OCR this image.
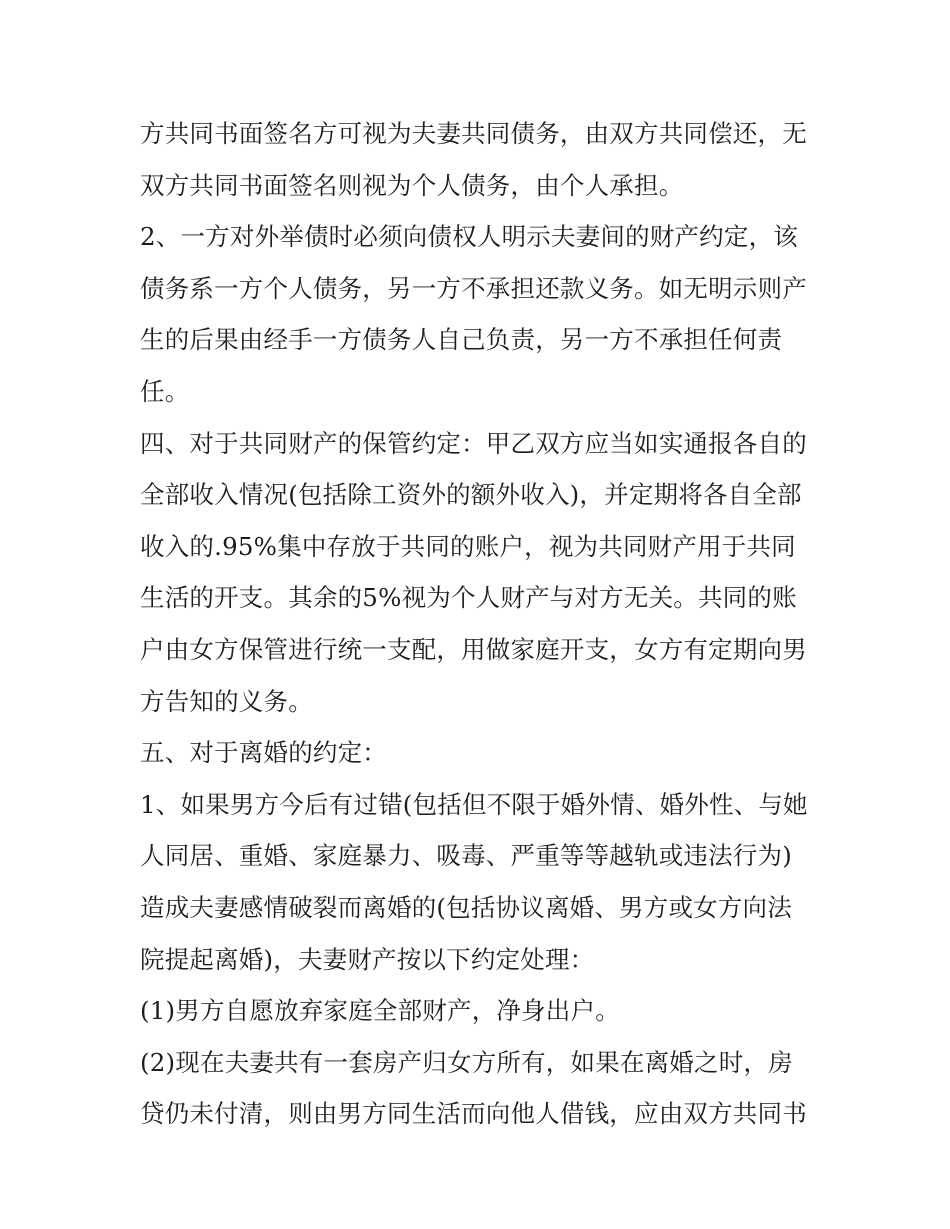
方共同书面签名方可视为夫妻共同债务，由双方共同偿还，无
双方共同书面签名则视为个人债务，由个人承担。
2、一方对外举债时必须向债权人明示夫妻间的财产约定，该
债务系一方个人债务，另一方不承担还款义务。如无明示则产
生的后果由经手一方债务人自己负责，另一方不承担任何责
任。
四、对于共同财产的保管约定：甲乙双方应当如实通报各自的
全部收入情况(包括除工资外的额外收入)，并定期将各自全部
收入的.95%集中存放于共同的账户，视为共同财产用于共同
生活的开支。其余的5%视为个人财产与对方无关。共同的账
户由女方保管进行统一支配，用做家庭开支，女方有定期向男
方告知的义务。
五、对于离婚的约定：
1、如果男方今后有过错(包括但不限于婚外情、婚外性、与她
人同居、重婚、家庭暴力、吸毒、严重等等越轨或违法行为)
造成夫妻感情破裂而离婚的(包括协议离婚、男方或女方向法
院提起离婚)，夫妻财产按以下约定处理：
(1)男方自愿放弃家庭全部财产，净身出户。
(2)现在夫妻共有一套房产归女方所有，如果在离婚之时，房
贷仍未付清，则由男方同生活而向他人借钱，应由双方共同书
